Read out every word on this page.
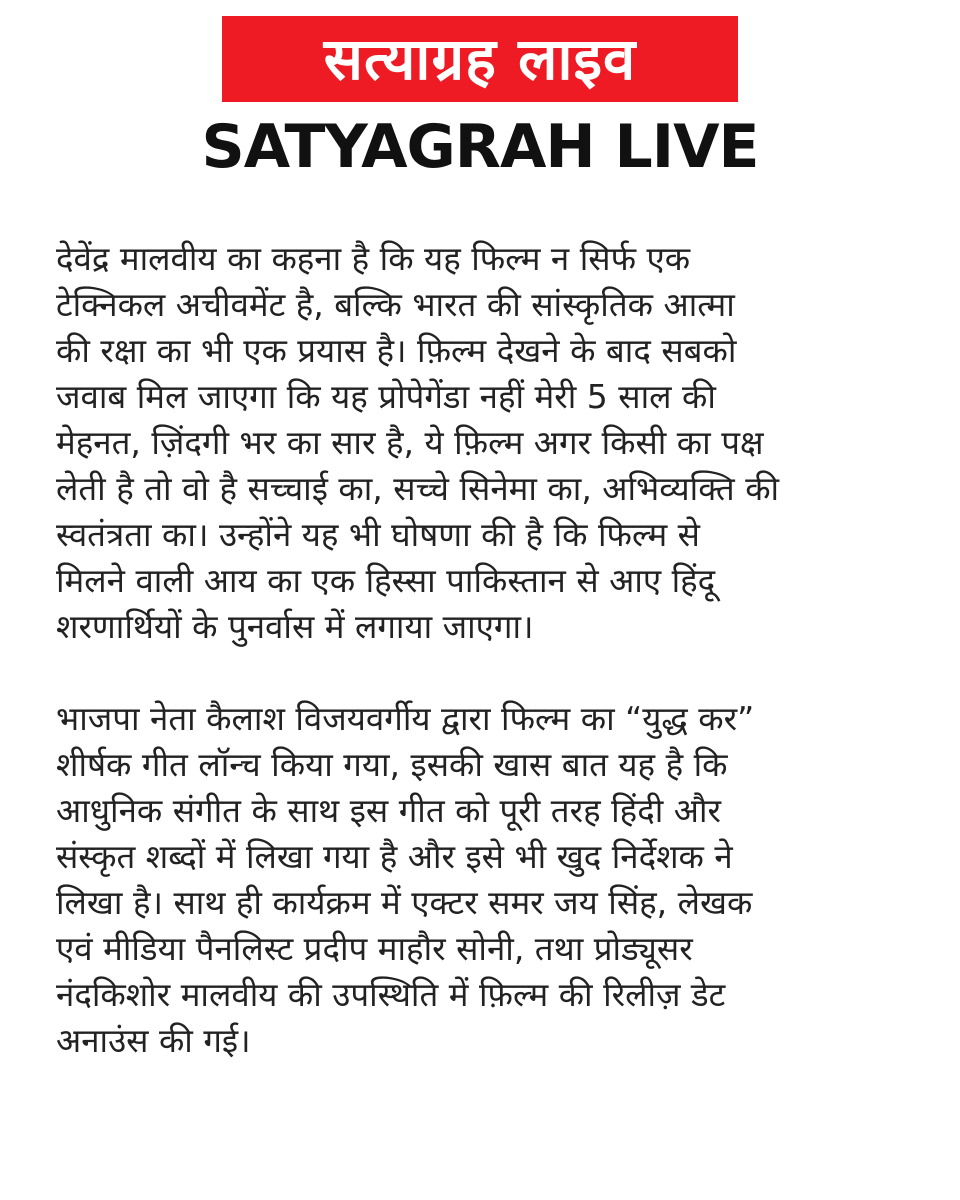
सत्याग्रह लाइव
SATYAGRAH LIVE
देवेंद्र मालवीय का कहना है कि यह फिल्म न सिर्फ एक
टेक्निकल अचीवमेंट है, बल्कि भारत की सांस्कृतिक आत्मा
की रक्षा का भी एक प्रयास है। फ़िल्म देखने के बाद सबको
जवाब मिल जाएगा कि यह प्रोपेगेंडा नहीं मेरी 5 साल की
मेहनत, ज़िंदगी भर का सार है, ये फ़िल्म अगर किसी का पक्ष
लेती है तो वो है सच्चाई का, सच्चे सिनेमा का, अभिव्यक्ति की
स्वतंत्रता का। उन्होंने यह भी घोषणा की है कि फिल्म से
मिलने वाली आय का एक हिस्सा पाकिस्तान से आए हिंदू
शरणार्थियों के पुनर्वास में लगाया जाएगा।
भाजपा नेता कैलाश विजयवर्गीय द्वारा फिल्म का “युद्ध कर”
शीर्षक गीत लॉन्च किया गया, इसकी खास बात यह है कि
आधुनिक संगीत के साथ इस गीत को पूरी तरह हिंदी और
संस्कृत शब्दों में लिखा गया है और इसे भी खुद निर्देशक ने
लिखा है। साथ ही कार्यक्रम में एक्टर समर जय सिंह, लेखक
एवं मीडिया पैनलिस्ट प्रदीप माहौर सोनी, तथा प्रोड्यूसर
नंदकिशोर मालवीय की उपस्थिति में फ़िल्म की रिलीज़ डेट
अनाउंस की गई।
